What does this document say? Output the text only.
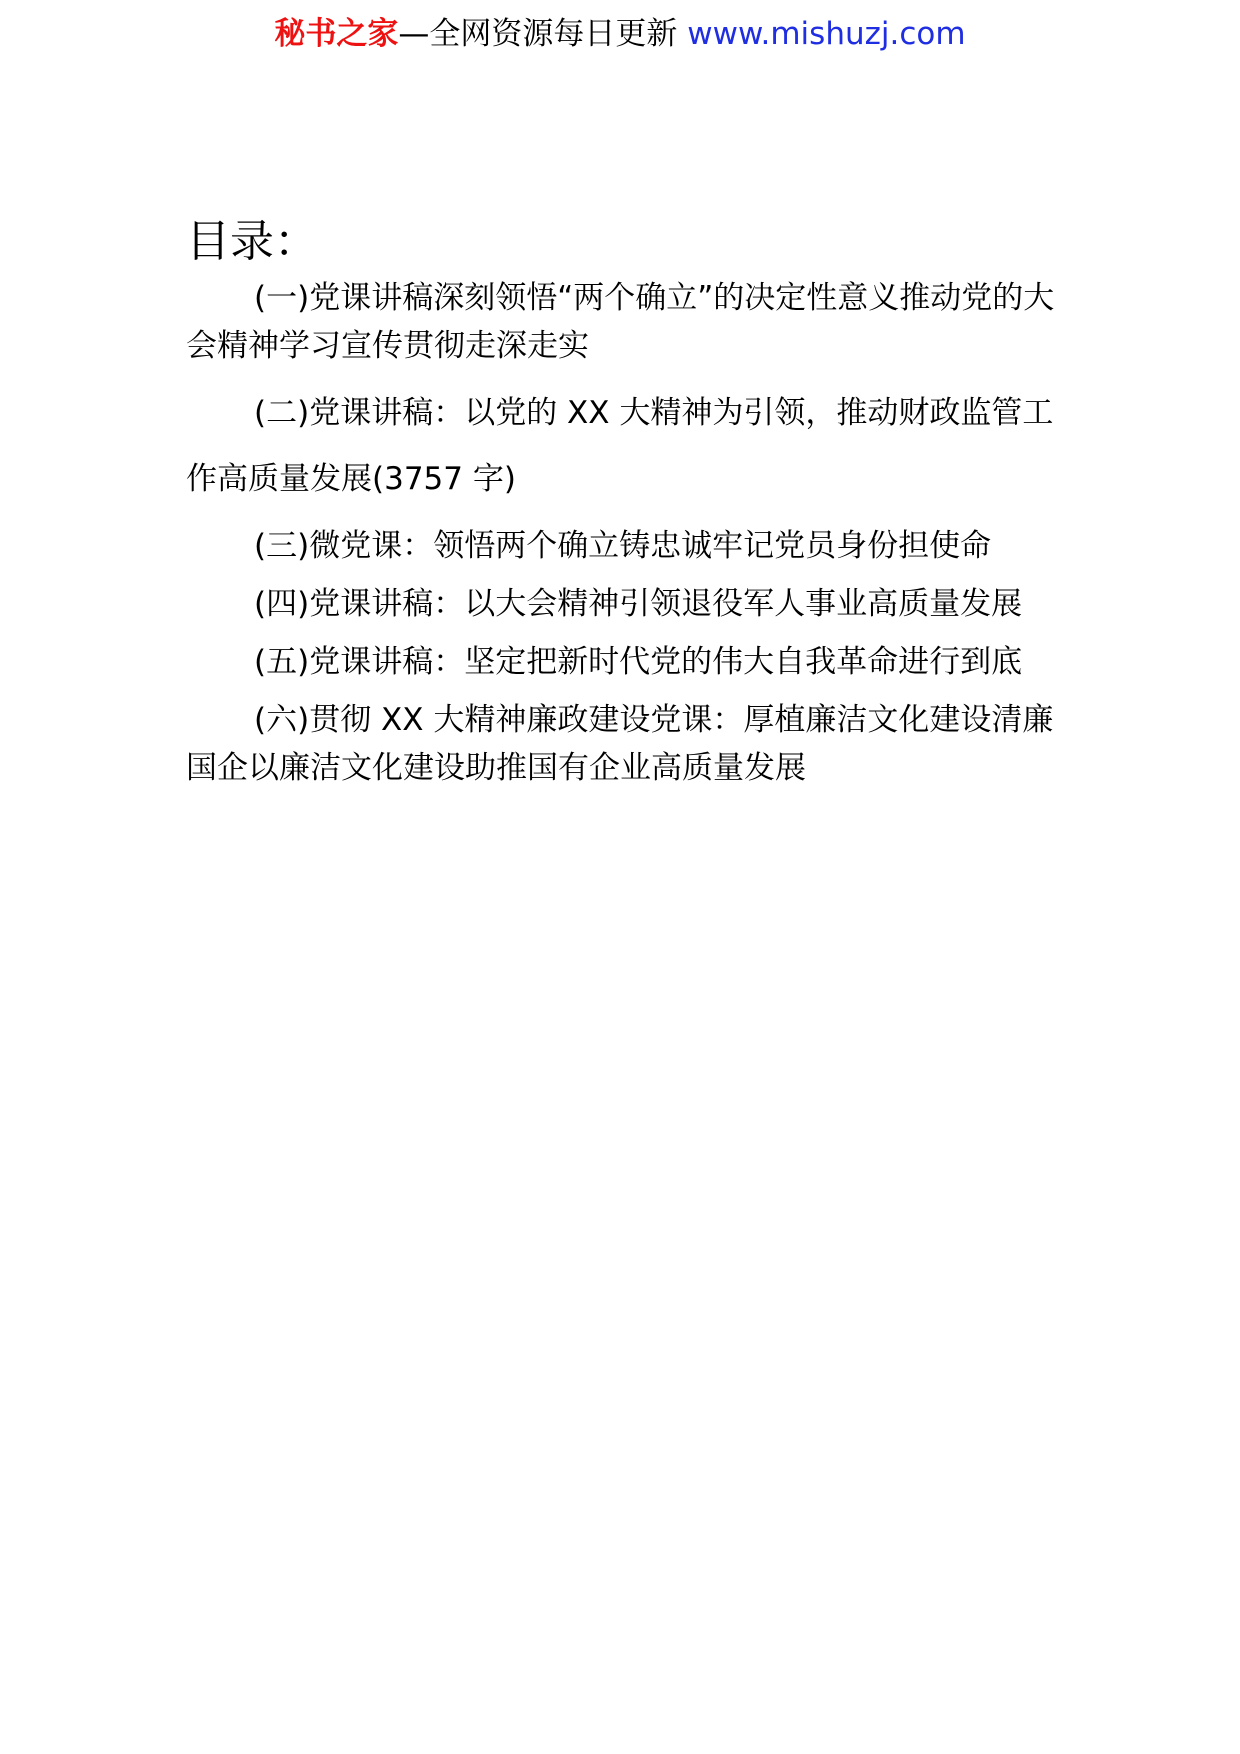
秘书之家—全网资源每日更新 www.mishuzj.com
目录：
(一)党课讲稿深刻领悟“两个确立”的决定性意义推动党的大会精神学习宣传贯彻走深走实
(二)党课讲稿：以党的 XX 大精神为引领，推动财政监管工作高质量发展(3757 字)
(三)微党课：领悟两个确立铸忠诚牢记党员身份担使命
(四)党课讲稿：以大会精神引领退役军人事业高质量发展
(五)党课讲稿：坚定把新时代党的伟大自我革命进行到底
(六)贯彻 XX 大精神廉政建设党课：厚植廉洁文化建设清廉国企以廉洁文化建设助推国有企业高质量发展
